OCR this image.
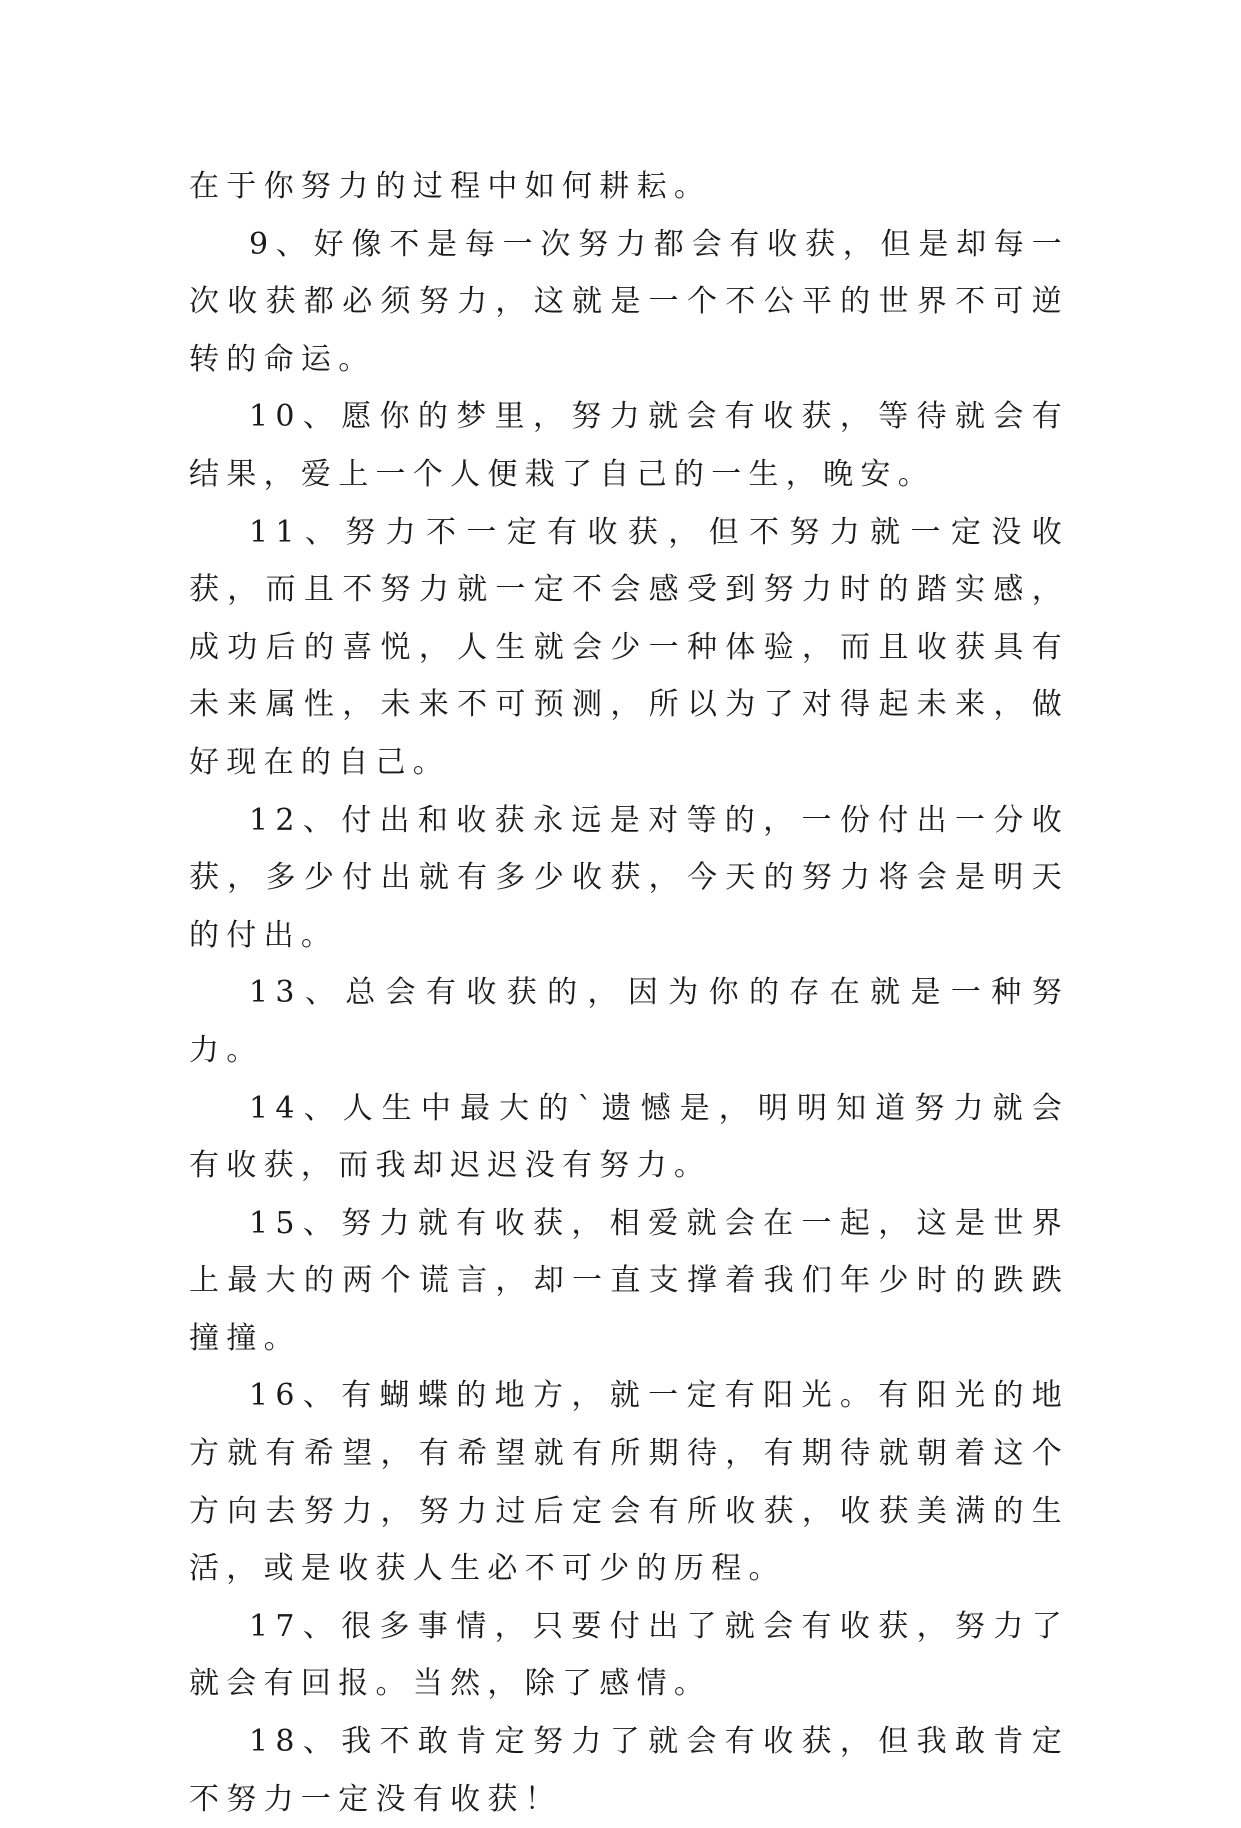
在于你努力的过程中如何耕耘。

9、好像不是每一次努力都会有收获，但是却每一次收获都必须努力，这就是一个不公平的世界不可逆转的命运。

10、愿你的梦里，努力就会有收获，等待就会有结果，爱上一个人便栽了自己的一生，晚安。

11、努力不一定有收获，但不努力就一定没收获，而且不努力就一定不会感受到努力时的踏实感，成功后的喜悦，人生就会少一种体验，而且收获具有未来属性，未来不可预测，所以为了对得起未来，做好现在的自己。

12、付出和收获永远是对等的，一份付出一分收获，多少付出就有多少收获，今天的努力将会是明天的付出。

13、总会有收获的，因为你的存在就是一种努力。

14、人生中最大的`遗憾是，明明知道努力就会有收获，而我却迟迟没有努力。

15、努力就有收获，相爱就会在一起，这是世界上最大的两个谎言，却一直支撑着我们年少时的跌跌撞撞。

16、有蝴蝶的地方，就一定有阳光。有阳光的地方就有希望，有希望就有所期待，有期待就朝着这个方向去努力，努力过后定会有所收获，收获美满的生活，或是收获人生必不可少的历程。

17、很多事情，只要付出了就会有收获，努力了就会有回报。当然，除了感情。

18、我不敢肯定努力了就会有收获，但我敢肯定不努力一定没有收获！
